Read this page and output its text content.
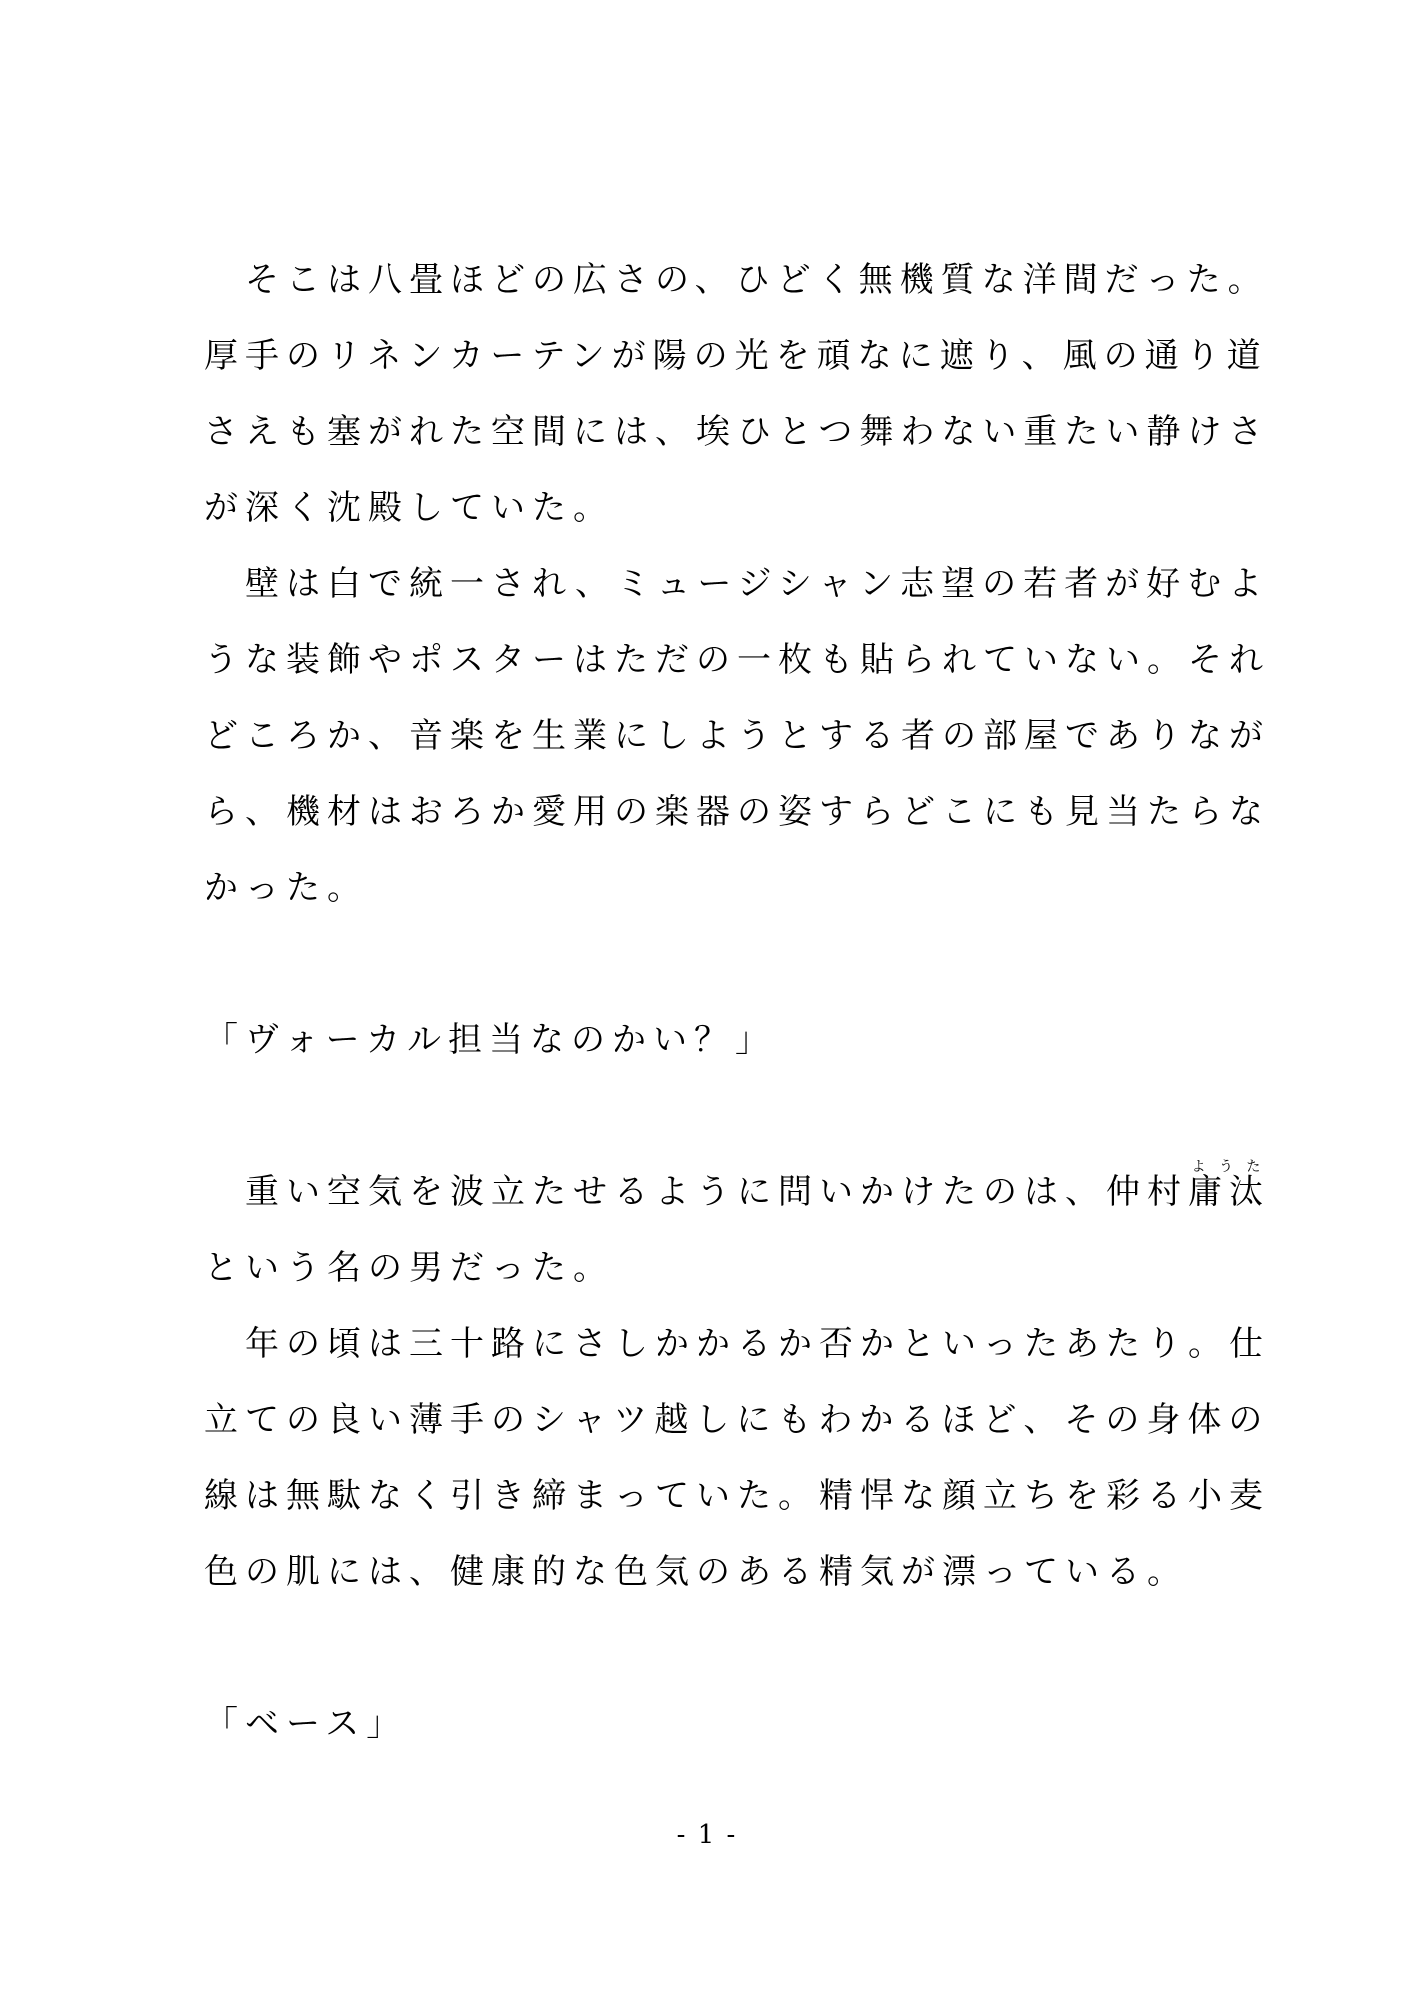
　そこは八畳ほどの広さの、ひどく無機質な洋間だった。
厚手のリネンカーテンが陽の光を頑なに遮り、風の通り道
さえも塞がれた空間には、埃ひとつ舞わない重たい静けさ
が深く沈殿していた。
　壁は白で統一され、ミュージシャン志望の若者が好むよ
うな装飾やポスターはただの一枚も貼られていない。それ
どころか、音楽を生業にしようとする者の部屋でありなが
ら、機材はおろか愛用の楽器の姿すらどこにも見当たらな
かった。
「ヴォーカル担当なのかい？」
　重い空気を波立たせるように問いかけたのは、仲村庸汰ようた
という名の男だった。
　年の頃は三十路にさしかかるか否かといったあたり。仕
立ての良い薄手のシャツ越しにもわかるほど、その身体の
線は無駄なく引き締まっていた。精悍な顔立ちを彩る小麦
色の肌には、健康的な色気のある精気が漂っている。
「ベース」
- 1 -
